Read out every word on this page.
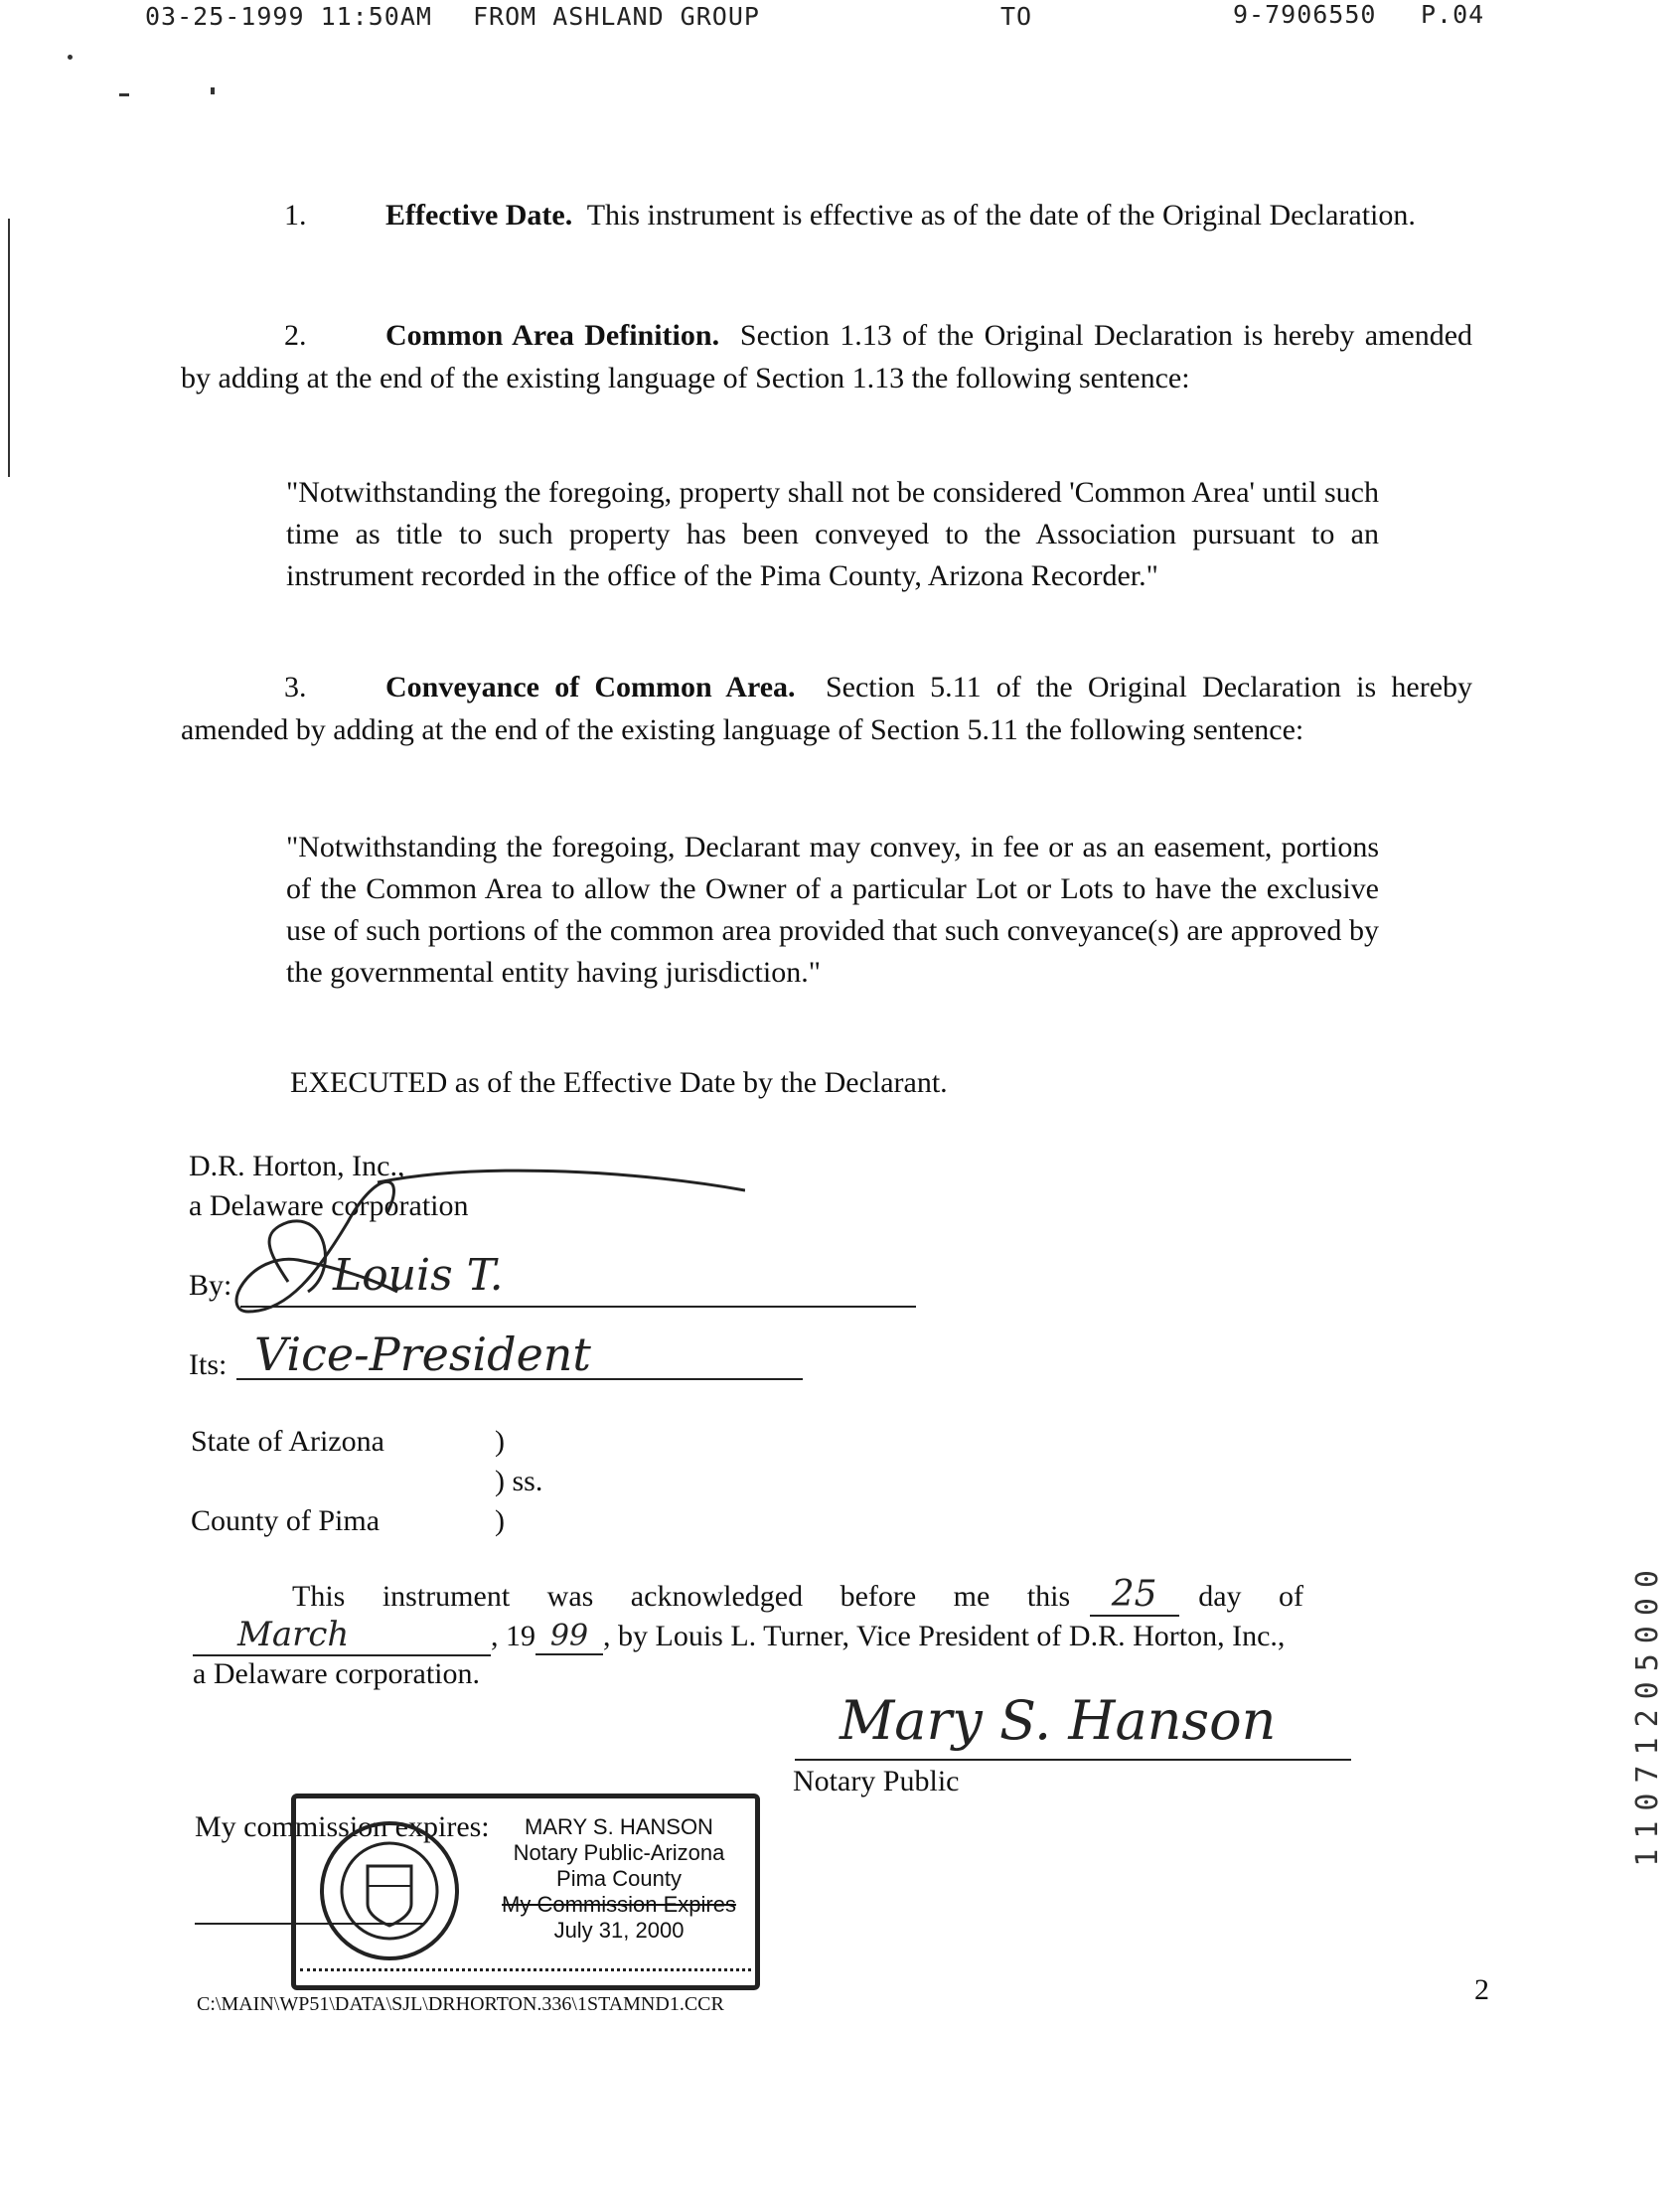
03-25-1999 11:50AM FROM ASHLAND GROUP	TO	9-7906550 P.04
1.	Effective Date. This instrument is effective as of the date of the Original Declaration.
2.	Common Area Definition. Section 1.13 of the Original Declaration is hereby amended by adding at the end of the existing language of Section 1.13 the following sentence:
"Notwithstanding the foregoing, property shall not be considered 'Common Area' until such time as title to such property has been conveyed to the Association pursuant to an instrument recorded in the office of the Pima County, Arizona Recorder."
3.	Conveyance of Common Area. Section 5.11 of the Original Declaration is hereby amended by adding at the end of the existing language of Section 5.11 the following sentence:
"Notwithstanding the foregoing, Declarant may convey, in fee or as an easement, portions of the Common Area to allow the Owner of a particular Lot or Lots to have the exclusive use of such portions of the common area provided that such conveyance(s) are approved by the governmental entity having jurisdiction."
EXECUTED as of the Effective Date by the Declarant.
D.R. Horton, Inc.,
a Delaware corporation
By: Louis T.
Its: Vice-President
State of Arizona	)
) ss.
County of Pima	)
This instrument was acknowledged before me this 25 day of
March	, 19 99 , by Louis L. Turner, Vice President of D.R. Horton, Inc.,
a Delaware corporation.
Mary S. Hanson
Notary Public
My commission expires:	MARY S. HANSON
Notary Public-Arizona
Pima County
My Commission Expires
July 31, 2000
C:\MAIN\WP51\DATA\SJL\DRHORTON.336\1STAMND1.CCR	2
11071205000
